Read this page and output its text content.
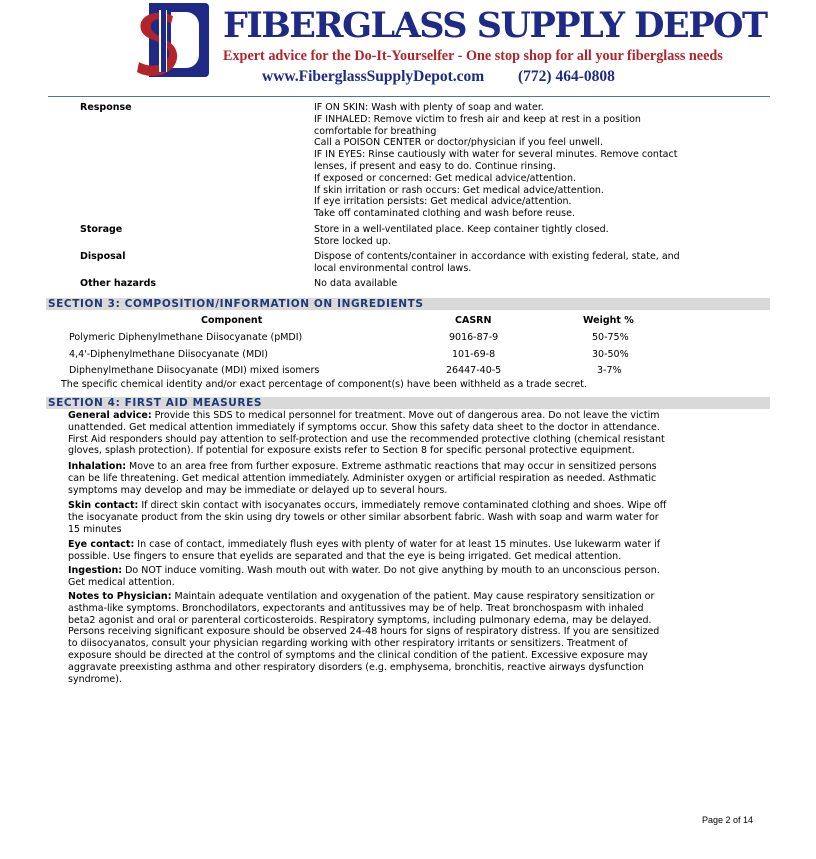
FIBERGLASS SUPPLY DEPOT
Expert advice for the Do-It-Yourselfer - One stop shop for all your fiberglass needs
www.FiberglassSupplyDepot.com (772) 464-0808
Response	IF ON SKIN: Wash with plenty of soap and water.
IF INHALED: Remove victim to fresh air and keep at rest in a position
comfortable for breathing
Call a POISON CENTER or doctor/physician if you feel unwell.
IF IN EYES: Rinse cautiously with water for several minutes. Remove contact
lenses, if present and easy to do. Continue rinsing.
If exposed or concerned: Get medical advice/attention.
If skin irritation or rash occurs: Get medical advice/attention.
If eye irritation persists: Get medical advice/attention.
Take off contaminated clothing and wash before reuse.
Storage	Store in a well-ventilated place. Keep container tightly closed.
Store locked up.
Disposal	Dispose of contents/container in accordance with existing federal, state, and
local environmental control laws.
Other hazards	No data available
SECTION 3: COMPOSITION/INFORMATION ON INGREDIENTS
Component	CASRN	Weight %
Polymeric Diphenylmethane Diisocyanate (pMDI)	9016-87-9	50-75%
4,4'-Diphenylmethane Diisocyanate (MDI)	101-69-8	30-50%
Diphenylmethane Diisocyanate (MDI) mixed isomers	26447-40-5	3-7%
The specific chemical identity and/or exact percentage of component(s) have been withheld as a trade secret.
SECTION 4: FIRST AID MEASURES
General advice: Provide this SDS to medical personnel for treatment. Move out of dangerous area. Do not leave the victim
unattended. Get medical attention immediately if symptoms occur. Show this safety data sheet to the doctor in attendance.
First Aid responders should pay attention to self-protection and use the recommended protective clothing (chemical resistant
gloves, splash protection). If potential for exposure exists refer to Section 8 for specific personal protective equipment.
Inhalation: Move to an area free from further exposure. Extreme asthmatic reactions that may occur in sensitized persons
can be life threatening. Get medical attention immediately. Administer oxygen or artificial respiration as needed. Asthmatic
symptoms may develop and may be immediate or delayed up to several hours.
Skin contact: If direct skin contact with isocyanates occurs, immediately remove contaminated clothing and shoes. Wipe off
the isocyanate product from the skin using dry towels or other similar absorbent fabric. Wash with soap and warm water for
15 minutes
Eye contact: In case of contact, immediately flush eyes with plenty of water for at least 15 minutes. Use lukewarm water if
possible. Use fingers to ensure that eyelids are separated and that the eye is being irrigated. Get medical attention.
Ingestion: Do NOT induce vomiting. Wash mouth out with water. Do not give anything by mouth to an unconscious person.
Get medical attention.
Notes to Physician: Maintain adequate ventilation and oxygenation of the patient. May cause respiratory sensitization or
asthma-like symptoms. Bronchodilators, expectorants and antitussives may be of help. Treat bronchospasm with inhaled
beta2 agonist and oral or parenteral corticosteroids. Respiratory symptoms, including pulmonary edema, may be delayed.
Persons receiving significant exposure should be observed 24-48 hours for signs of respiratory distress. If you are sensitized
to diisocyanatos, consult your physician regarding working with other respiratory irritants or sensitizers. Treatment of
exposure should be directed at the control of symptoms and the clinical condition of the patient. Excessive exposure may
aggravate preexisting asthma and other respiratory disorders (e.g. emphysema, bronchitis, reactive airways dysfunction
syndrome).
Page 2 of 14
